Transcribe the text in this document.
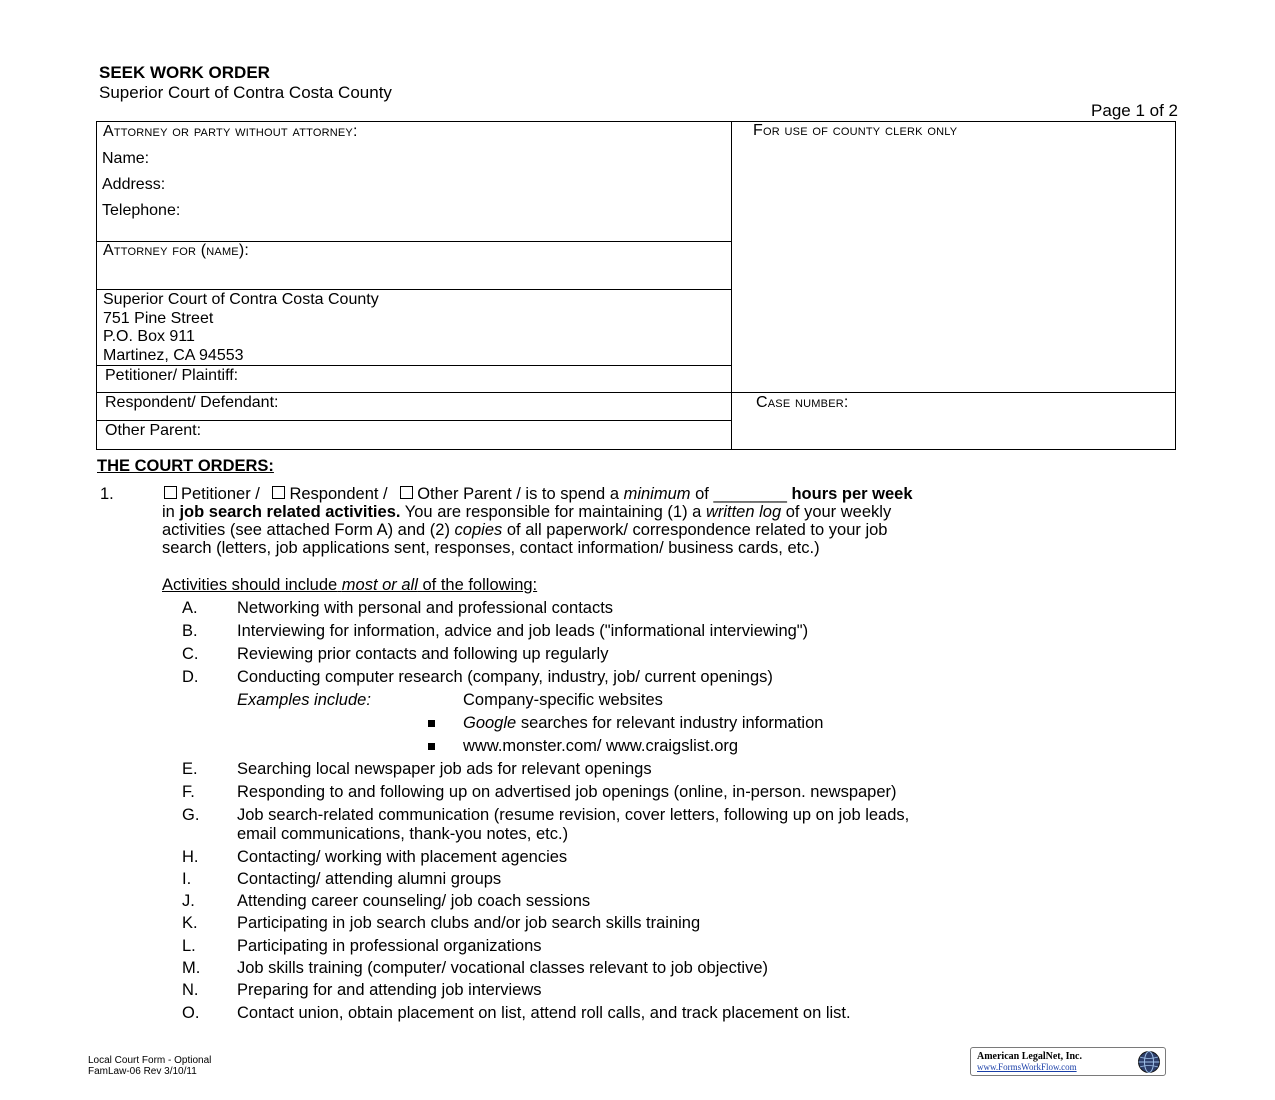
SEEK WORK ORDER
Superior Court of Contra Costa County
Page 1 of 2
Attorney or party without attorney:
Name:
Address:
Telephone:
Attorney for (name):
For use of county clerk only
Superior Court of Contra Costa County
751 Pine Street
P.O. Box 911
Martinez, CA 94553
Petitioner/ Plaintiff:
Respondent/ Defendant:
Other Parent:
Case number:
THE COURT ORDERS:
1.	Petitioner / Respondent / Other Parent / is to spend a minimum of ________ hours per week
in job search related activities. You are responsible for maintaining (1) a written log of your weekly
activities (see attached Form A) and (2) copies of all paperwork/ correspondence related to your job
search (letters, job applications sent, responses, contact information/ business cards, etc.)
Activities should include most or all of the following:
A. Networking with personal and professional contacts
B. Interviewing for information, advice and job leads ("informational interviewing")
C. Reviewing prior contacts and following up regularly
D. Conducting computer research (company, industry, job/ current openings)
Examples include:	Company-specific websites
Google searches for relevant industry information
www.monster.com/ www.craigslist.org
E. Searching local newspaper job ads for relevant openings
F.	Responding to and following up on advertised job openings (online, in-person. newspaper)
G. Job search-related communication (resume revision, cover letters, following up on job leads,
email communications, thank-you notes, etc.)
H. Contacting/ working with placement agencies
I.	Contacting/ attending alumni groups
J.	Attending career counseling/ job coach sessions
K. Participating in job search clubs and/or job search skills training
L. Participating in professional organizations
M. Job skills training (computer/ vocational classes relevant to job objective)
N. Preparing for and attending job interviews
O. Contact union, obtain placement on list, attend roll calls, and track placement on list.
Local Court Form - Optional
FamLaw-06 Rev 3/10/11
American LegalNet, Inc.
www.FormsWorkFlow.com
